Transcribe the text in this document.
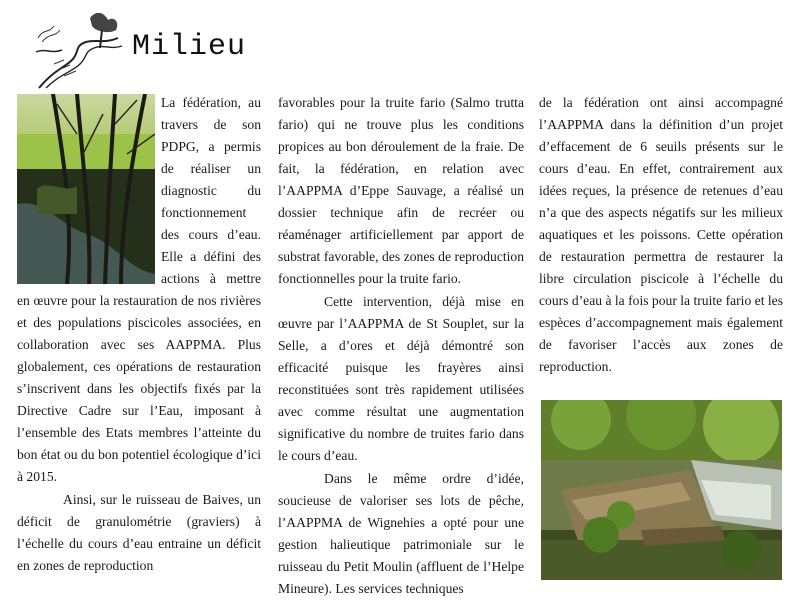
Milieu

La fédération, au travers de son PDPG, a permis de réaliser un diagnostic du fonctionnement des cours d’eau. Elle a défini des actions à mettre en œuvre pour la restauration de nos rivières et des populations piscicoles associées, en collaboration avec ses AAPPMA. Plus globalement, ces opérations de restauration s’inscrivent dans les objectifs fixés par la Directive Cadre sur l’Eau, imposant à l’ensemble des Etats membres l’atteinte du bon état ou du bon potentiel écologique d’ici à 2015.

Ainsi, sur le ruisseau de Baives, un déficit de granulométrie (graviers) à l’échelle du cours d’eau entraine un déficit en zones de reproduction

favorables pour la truite fario (Salmo trutta fario) qui ne trouve plus les conditions propices au bon déroulement de la fraie. De fait, la fédération, en relation avec l’AAPPMA d’Eppe Sauvage, a réalisé un dossier technique afin de recréer ou réaménager artificiellement par apport de substrat favorable, des zones de reproduction fonctionnelles pour la truite fario.

Cette intervention, déjà mise en œuvre par l’AAPPMA de St Souplet, sur la Selle, a d’ores et déjà démontré son efficacité puisque les frayères ainsi reconstituées sont très rapidement utilisées avec comme résultat une augmentation significative du nombre de truites fario dans le cours d’eau.

Dans le même ordre d’idée, soucieuse de valoriser ses lots de pêche, l’AAPPMA de Wignehies a opté pour une gestion halieutique patrimoniale sur le ruisseau du Petit Moulin (affluent de l’Helpe Mineure). Les services techniques

de la fédération ont ainsi accompagné l’AAPPMA dans la définition d’un projet d’effacement de 6 seuils présents sur le cours d’eau. En effet, contrairement aux idées reçues, la présence de retenues d’eau n’a que des aspects négatifs sur les milieux aquatiques et les poissons. Cette opération de restauration permettra de restaurer la libre circulation piscicole à l’échelle du cours d’eau à la fois pour la truite fario et les espèces d’accompagnement mais également de favoriser l’accès aux zones de reproduction.
